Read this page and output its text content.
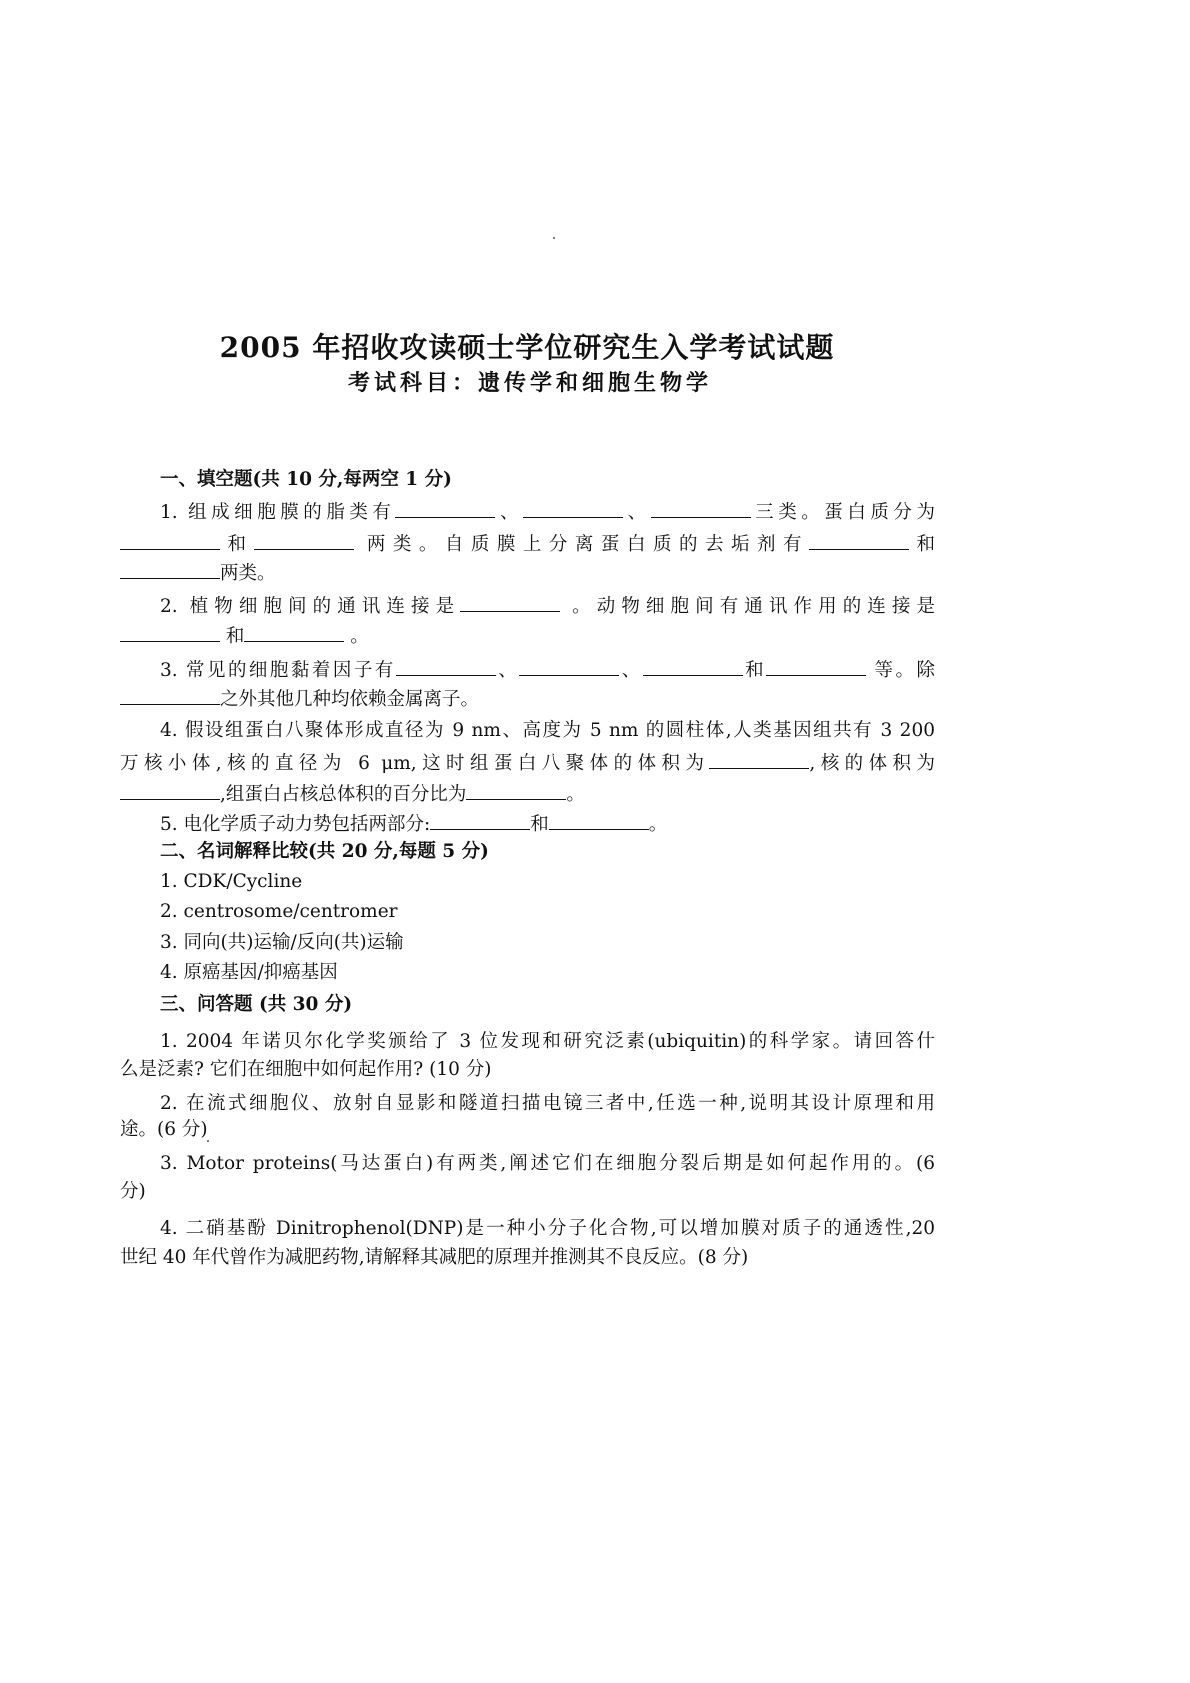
2005 年招收攻读硕士学位研究生入学考试试题
考试科目：遗传学和细胞生物学
一、填空题(共 10 分,每两空 1 分)
1. 组成细胞膜的脂类有	、	、	三类。蛋白质分为
和	两类。自质膜上分离蛋白质的去垢剂有	和
两类。
2. 植物细胞间的通讯连接是	。动物细胞间有通讯作用的连接是
和	。
3. 常见的细胞黏着因子有	、	、	和	等。除
之外其他几种均依赖金属离子。
4. 假设组蛋白八聚体形成直径为 9 nm、高度为 5 nm 的圆柱体,人类基因组共有 3 200
万核小体,核的直径为 6 μm,这时组蛋白八聚体的体积为	,核的体积为
,组蛋白占核总体积的百分比为	。
5. 电化学质子动力势包括两部分:	和	。
二、名词解释比较(共 20 分,每题 5 分)
1. CDK/Cycline
2. centrosome/centromer
3. 同向(共)运输/反向(共)运输
4. 原癌基因/抑癌基因
三、问答题 (共 30 分)
1. 2004 年诺贝尔化学奖颁给了 3 位发现和研究泛素(ubiquitin)的科学家。请回答什
么是泛素? 它们在细胞中如何起作用? (10 分)
2. 在流式细胞仪、放射自显影和隧道扫描电镜三者中,任选一种,说明其设计原理和用
途。(6 分)
3. Motor proteins(马达蛋白)有两类,阐述它们在细胞分裂后期是如何起作用的。(6
分)
4. 二硝基酚 Dinitrophenol(DNP)是一种小分子化合物,可以增加膜对质子的通透性,20
世纪 40 年代曾作为减肥药物,请解释其减肥的原理并推测其不良反应。(8 分)
